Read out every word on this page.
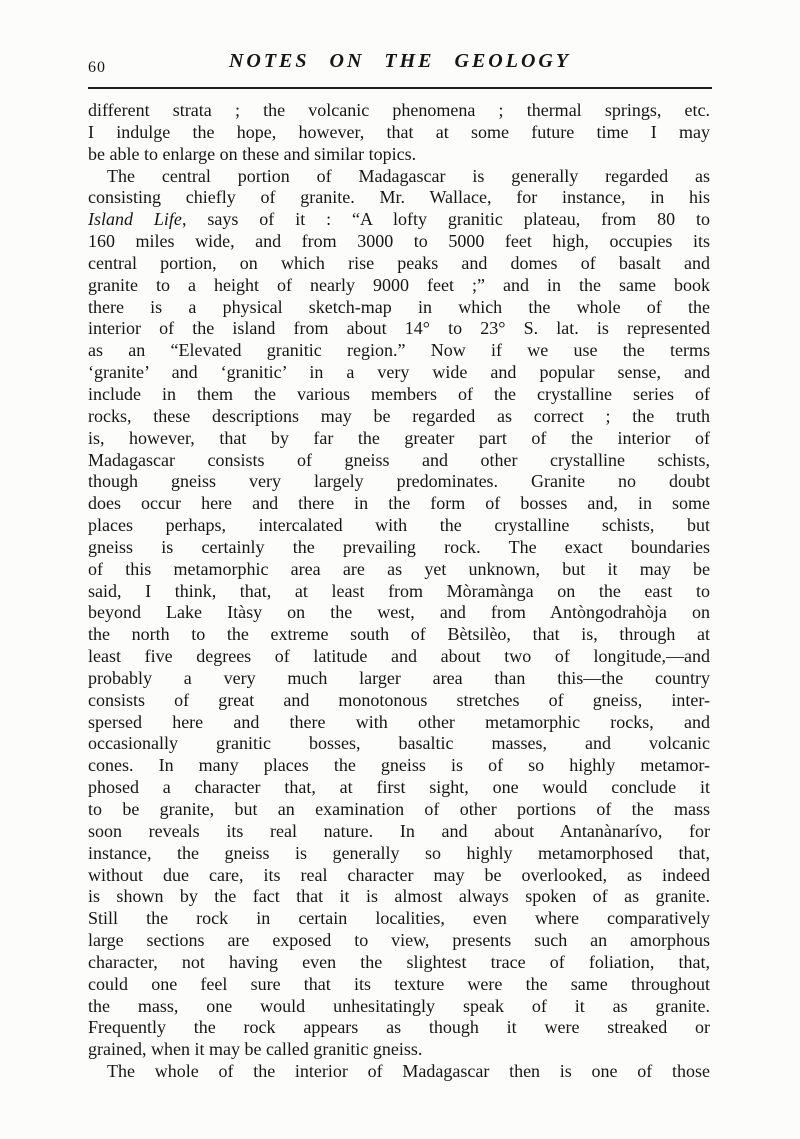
60	NOTES ON THE GEOLOGY
different strata ; the volcanic phenomena ; thermal springs, etc.
I indulge the hope, however, that at some future time I may
be able to enlarge on these and similar topics.
The central portion of Madagascar is generally regarded as
consisting chiefly of granite. Mr. Wallace, for instance, in his
Island Life, says of it : “A lofty granitic plateau, from 80 to
160 miles wide, and from 3000 to 5000 feet high, occupies its
central portion, on which rise peaks and domes of basalt and
granite to a height of nearly 9000 feet ;” and in the same book
there is a physical sketch-map in which the whole of the
interior of the island from about 14° to 23° S. lat. is represented
as an “Elevated granitic region.” Now if we use the terms
‘granite’ and ‘granitic’ in a very wide and popular sense, and
include in them the various members of the crystalline series of
rocks, these descriptions may be regarded as correct ; the truth
is, however, that by far the greater part of the interior of
Madagascar consists of gneiss and other crystalline schists,
though gneiss very largely predominates. Granite no doubt
does occur here and there in the form of bosses and, in some
places perhaps, intercalated with the crystalline schists, but
gneiss is certainly the prevailing rock. The exact boundaries
of this metamorphic area are as yet unknown, but it may be
said, I think, that, at least from Mòramànga on the east to
beyond Lake Itàsy on the west, and from Antòngodrahòja on
the north to the extreme south of Bètsilèo, that is, through at
least five degrees of latitude and about two of longitude,—and
probably a very much larger area than this—the country
consists of great and monotonous stretches of gneiss, inter-
spersed here and there with other metamorphic rocks, and
occasionally granitic bosses, basaltic masses, and volcanic
cones. In many places the gneiss is of so highly metamor-
phosed a character that, at first sight, one would conclude it
to be granite, but an examination of other portions of the mass
soon reveals its real nature. In and about Antanànarívo, for
instance, the gneiss is generally so highly metamorphosed that,
without due care, its real character may be overlooked, as indeed
is shown by the fact that it is almost always spoken of as granite.
Still the rock in certain localities, even where comparatively
large sections are exposed to view, presents such an amorphous
character, not having even the slightest trace of foliation, that,
could one feel sure that its texture were the same throughout
the mass, one would unhesitatingly speak of it as granite.
Frequently the rock appears as though it were streaked or
grained, when it may be called granitic gneiss.
The whole of the interior of Madagascar then is one of those
